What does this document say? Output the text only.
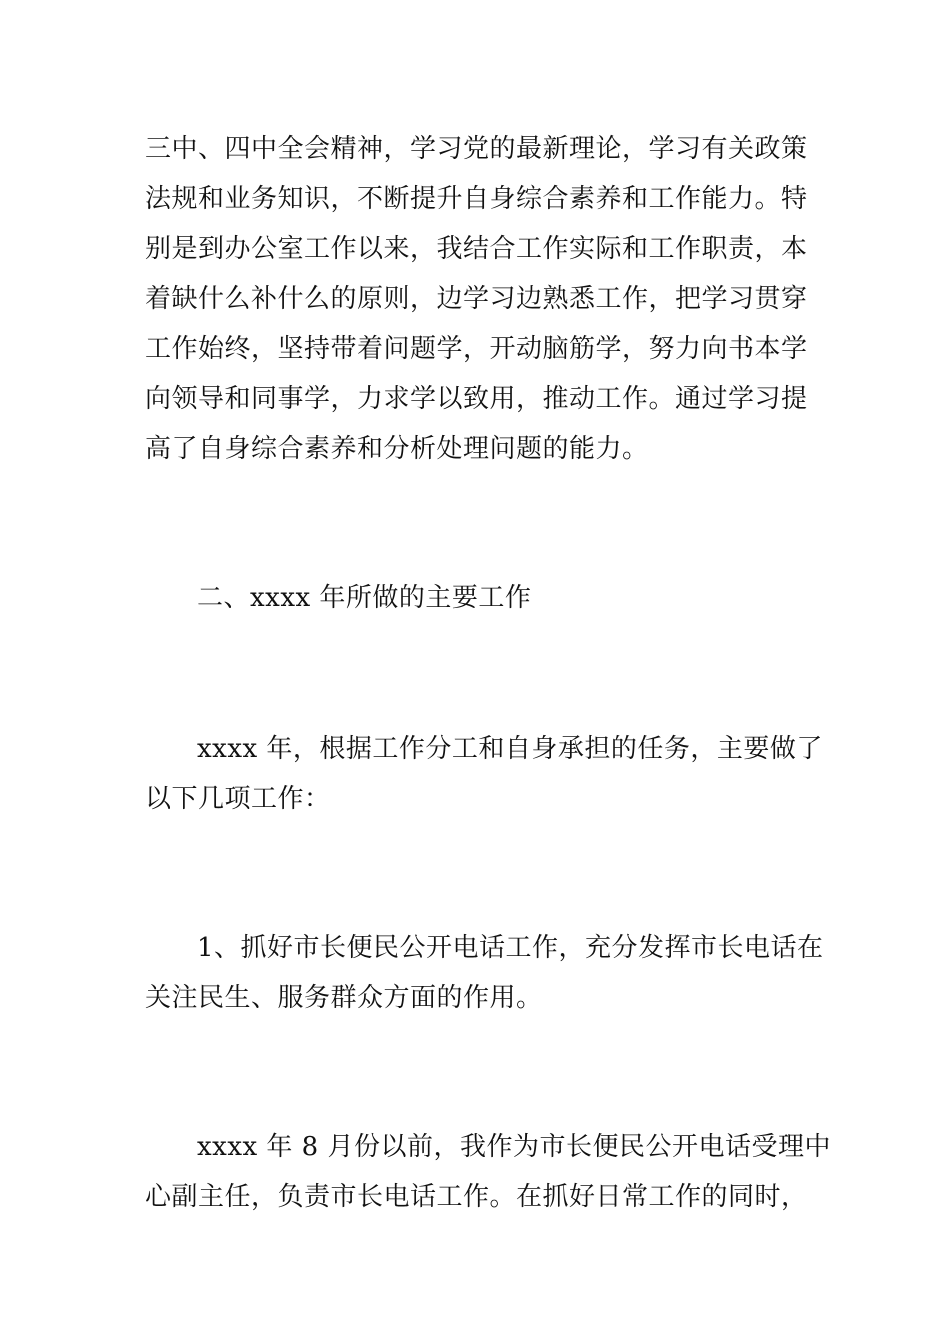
三中、四中全会精神，学习党的最新理论，学习有关政策

法规和业务知识，不断提升自身综合素养和工作能力。特

别是到办公室工作以来，我结合工作实际和工作职责，本

着缺什么补什么的原则，边学习边熟悉工作，把学习贯穿

工作始终，坚持带着问题学，开动脑筋学，努力向书本学

向领导和同事学，力求学以致用，推动工作。通过学习提

高了自身综合素养和分析处理问题的能力。

二、xxxx 年所做的主要工作

xxxx 年，根据工作分工和自身承担的任务，主要做了

以下几项工作：

1、抓好市长便民公开电话工作，充分发挥市长电话在

关注民生、服务群众方面的作用。

xxxx 年 8 月份以前，我作为市长便民公开电话受理中

心副主任，负责市长电话工作。在抓好日常工作的同时，
